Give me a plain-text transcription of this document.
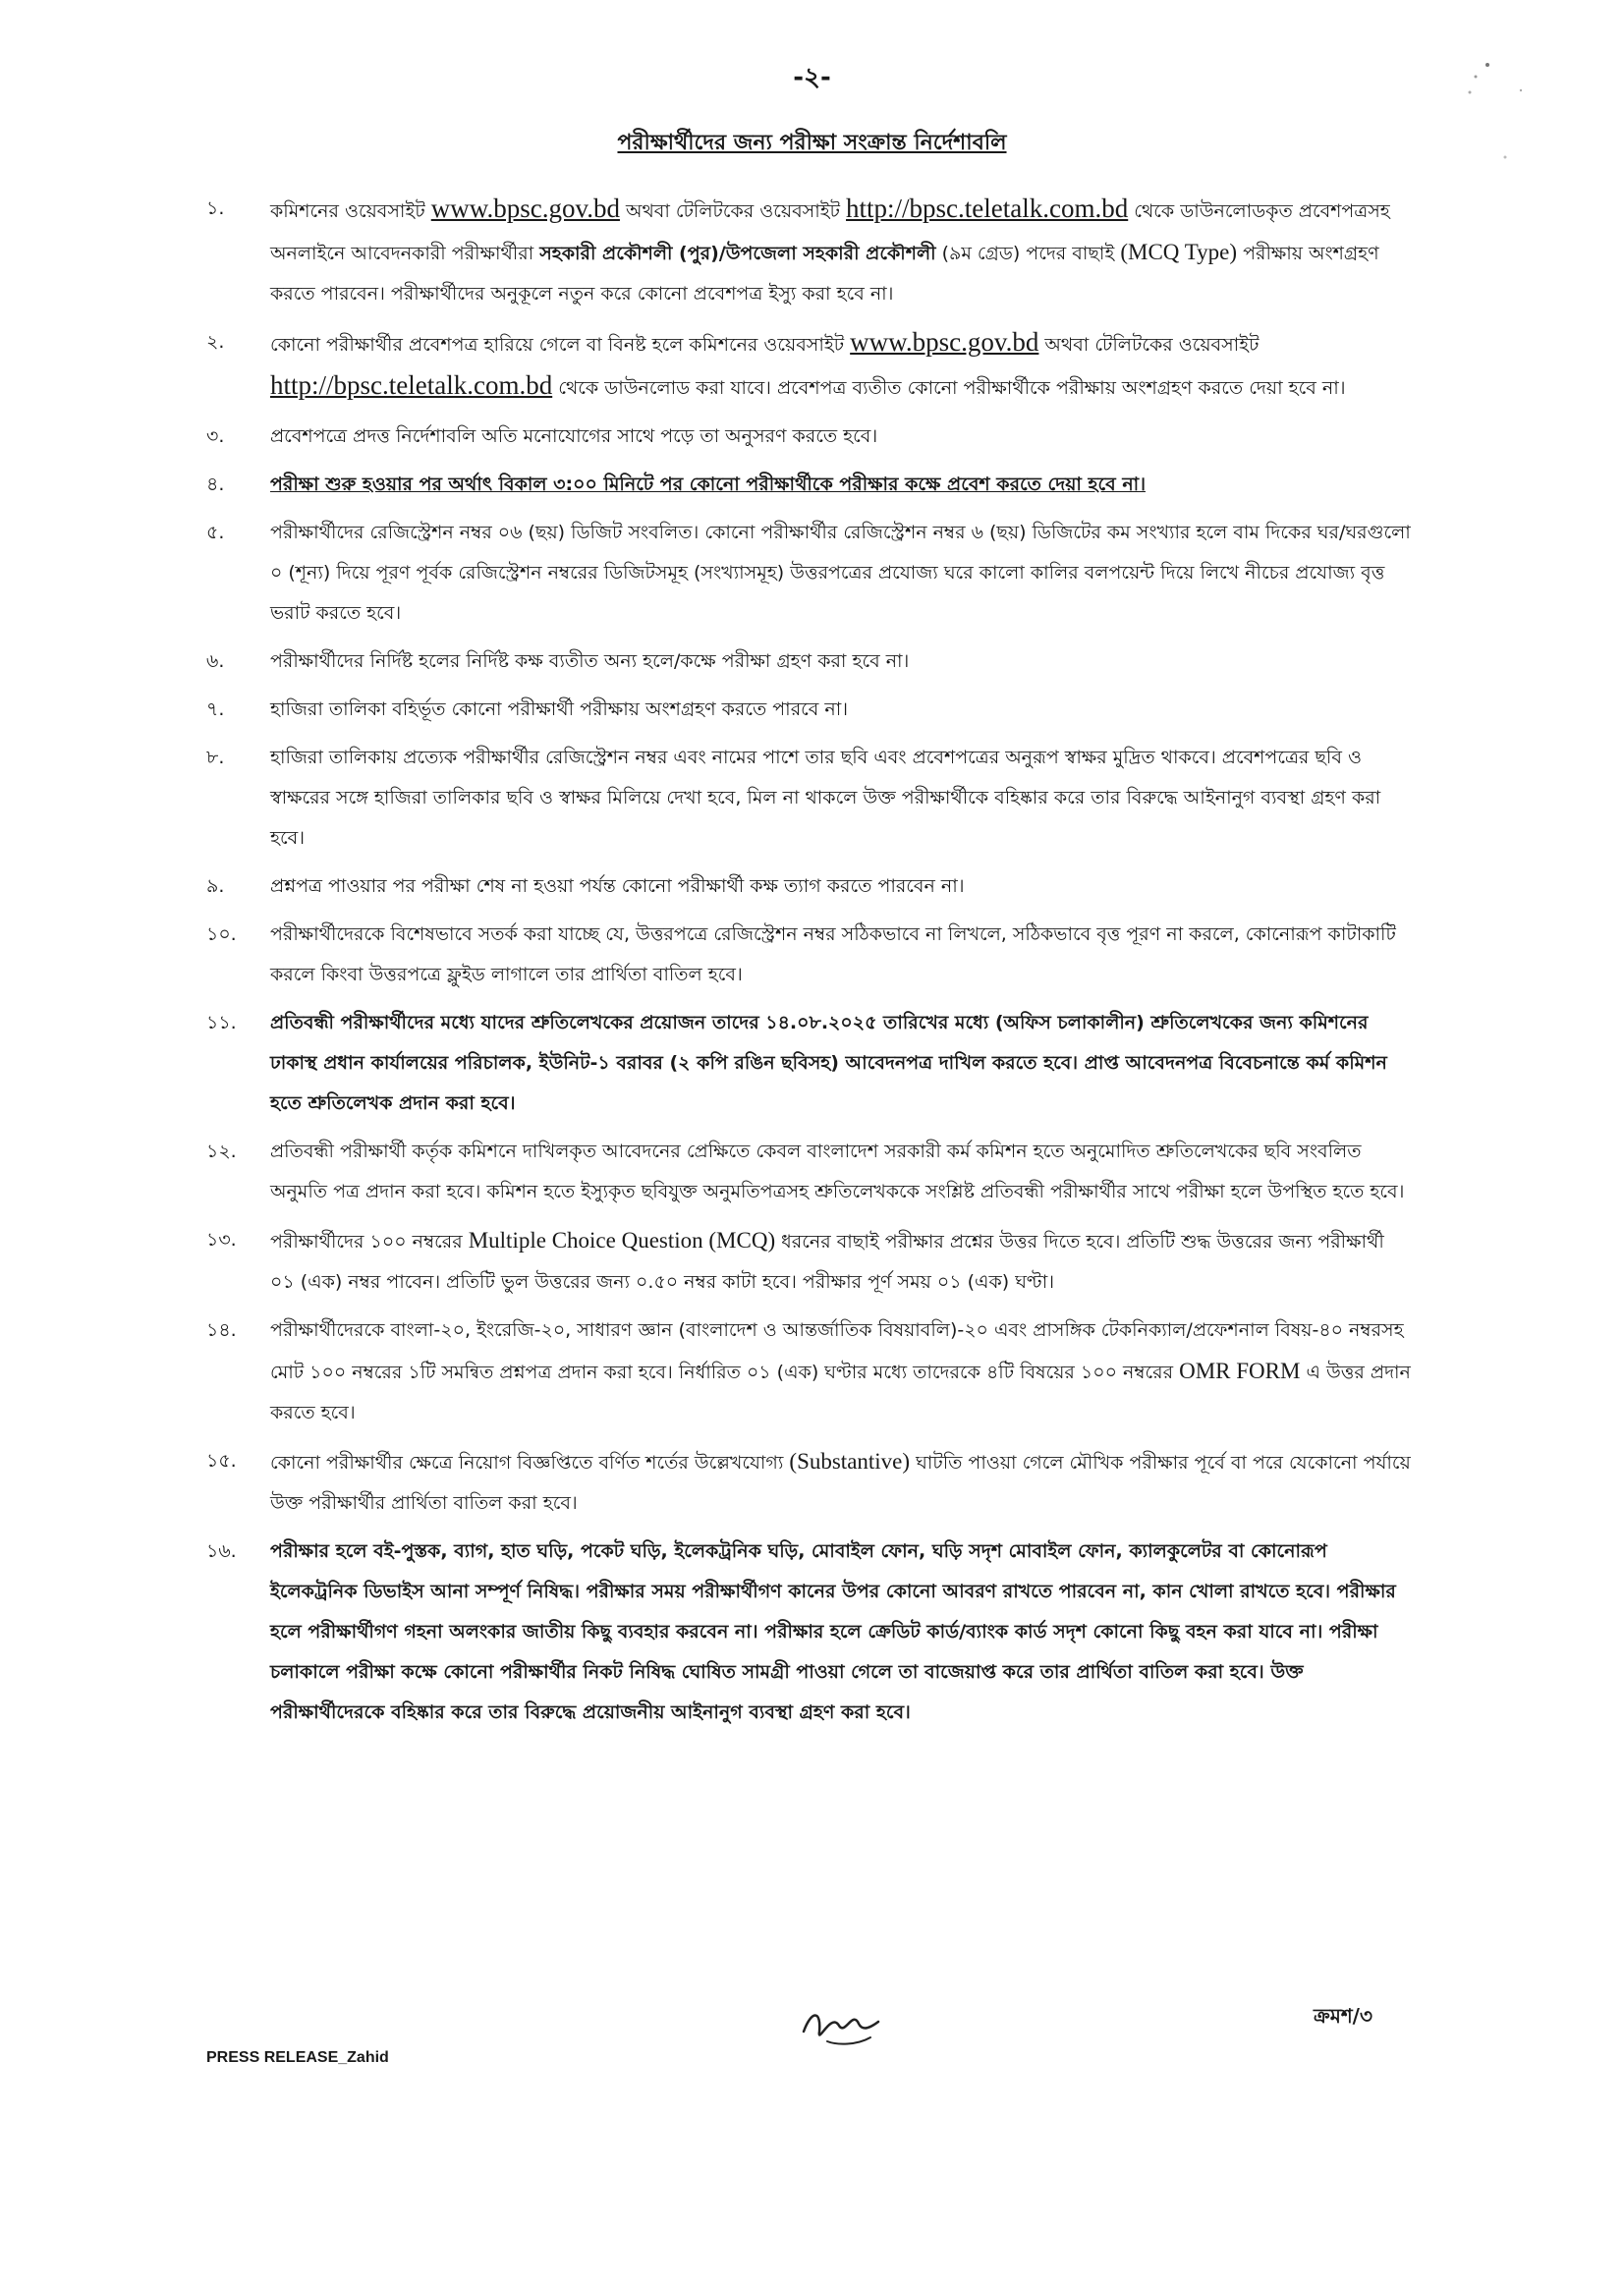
-২-
পরীক্ষার্থীদের জন্য পরীক্ষা সংক্রান্ত নির্দেশাবলি
১.	কমিশনের ওয়েবসাইট www.bpsc.gov.bd অথবা টেলিটকের ওয়েবসাইট http://bpsc.teletalk.com.bd থেকে ডাউনলোডকৃত প্রবেশপত্রসহ অনলাইনে আবেদনকারী পরীক্ষার্থীরা সহকারী প্রকৌশলী (পুর)/উপজেলা সহকারী প্রকৌশলী (৯ম গ্রেড) পদের বাছাই (MCQ Type) পরীক্ষায় অংশগ্রহণ করতে পারবেন। পরীক্ষার্থীদের অনুকূলে নতুন করে কোনো প্রবেশপত্র ইস্যু করা হবে না।
২.	কোনো পরীক্ষার্থীর প্রবেশপত্র হারিয়ে গেলে বা বিনষ্ট হলে কমিশনের ওয়েবসাইট www.bpsc.gov.bd অথবা টেলিটকের ওয়েবসাইট http://bpsc.teletalk.com.bd থেকে ডাউনলোড করা যাবে। প্রবেশপত্র ব্যতীত কোনো পরীক্ষার্থীকে পরীক্ষায় অংশগ্রহণ করতে দেয়া হবে না।
৩.	প্রবেশপত্রে প্রদত্ত নির্দেশাবলি অতি মনোযোগের সাথে পড়ে তা অনুসরণ করতে হবে।
৪.	পরীক্ষা শুরু হওয়ার পর অর্থাৎ বিকাল ৩:০০ মিনিটে পর কোনো পরীক্ষার্থীকে পরীক্ষার কক্ষে প্রবেশ করতে দেয়া হবে না।
৫.	পরীক্ষার্থীদের রেজিস্ট্রেশন নম্বর ০৬ (ছয়) ডিজিট সংবলিত। কোনো পরীক্ষার্থীর রেজিস্ট্রেশন নম্বর ৬ (ছয়) ডিজিটের কম সংখ্যার হলে বাম দিকের ঘর/ঘরগুলো ০ (শূন্য) দিয়ে পূরণ পূর্বক রেজিস্ট্রেশন নম্বরের ডিজিটসমূহ (সংখ্যাসমূহ) উত্তরপত্রের প্রযোজ্য ঘরে কালো কালির বলপয়েন্ট দিয়ে লিখে নীচের প্রযোজ্য বৃত্ত ভরাট করতে হবে।
৬.	পরীক্ষার্থীদের নির্দিষ্ট হলের নির্দিষ্ট কক্ষ ব্যতীত অন্য হলে/কক্ষে পরীক্ষা গ্রহণ করা হবে না।
৭.	হাজিরা তালিকা বহির্ভূত কোনো পরীক্ষার্থী পরীক্ষায় অংশগ্রহণ করতে পারবে না।
৮.	হাজিরা তালিকায় প্রত্যেক পরীক্ষার্থীর রেজিস্ট্রেশন নম্বর এবং নামের পাশে তার ছবি এবং প্রবেশপত্রের অনুরূপ স্বাক্ষর মুদ্রিত থাকবে। প্রবেশপত্রের ছবি ও স্বাক্ষরের সঙ্গে হাজিরা তালিকার ছবি ও স্বাক্ষর মিলিয়ে দেখা হবে, মিল না থাকলে উক্ত পরীক্ষার্থীকে বহিষ্কার করে তার বিরুদ্ধে আইনানুগ ব্যবস্থা গ্রহণ করা হবে।
৯.	প্রশ্নপত্র পাওয়ার পর পরীক্ষা শেষ না হওয়া পর্যন্ত কোনো পরীক্ষার্থী কক্ষ ত্যাগ করতে পারবেন না।
১০.	পরীক্ষার্থীদেরকে বিশেষভাবে সতর্ক করা যাচ্ছে যে, উত্তরপত্রে রেজিস্ট্রেশন নম্বর সঠিকভাবে না লিখলে, সঠিকভাবে বৃত্ত পূরণ না করলে, কোনোরূপ কাটাকাটি করলে কিংবা উত্তরপত্রে ফ্লুইড লাগালে তার প্রার্থিতা বাতিল হবে।
১১.	প্রতিবন্ধী পরীক্ষার্থীদের মধ্যে যাদের শ্রুতিলেখকের প্রয়োজন তাদের ১৪.০৮.২০২৫ তারিখের মধ্যে (অফিস চলাকালীন) শ্রুতিলেখকের জন্য কমিশনের ঢাকাস্থ প্রধান কার্যালয়ের পরিচালক, ইউনিট-১ বরাবর (২ কপি রঙিন ছবিসহ) আবেদনপত্র দাখিল করতে হবে। প্রাপ্ত আবেদনপত্র বিবেচনান্তে কর্ম কমিশন হতে শ্রুতিলেখক প্রদান করা হবে।
১২.	প্রতিবন্ধী পরীক্ষার্থী কর্তৃক কমিশনে দাখিলকৃত আবেদনের প্রেক্ষিতে কেবল বাংলাদেশ সরকারী কর্ম কমিশন হতে অনুমোদিত শ্রুতিলেখকের ছবি সংবলিত অনুমতি পত্র প্রদান করা হবে। কমিশন হতে ইস্যুকৃত ছবিযুক্ত অনুমতিপত্রসহ শ্রুতিলেখককে সংশ্লিষ্ট প্রতিবন্ধী পরীক্ষার্থীর সাথে পরীক্ষা হলে উপস্থিত হতে হবে।
১৩.	পরীক্ষার্থীদের ১০০ নম্বরের Multiple Choice Question (MCQ) ধরনের বাছাই পরীক্ষার প্রশ্নের উত্তর দিতে হবে। প্রতিটি শুদ্ধ উত্তরের জন্য পরীক্ষার্থী ০১ (এক) নম্বর পাবেন। প্রতিটি ভুল উত্তরের জন্য ০.৫০ নম্বর কাটা হবে। পরীক্ষার পূর্ণ সময় ০১ (এক) ঘণ্টা।
১৪.	পরীক্ষার্থীদেরকে বাংলা-২০, ইংরেজি-২০, সাধারণ জ্ঞান (বাংলাদেশ ও আন্তর্জাতিক বিষয়াবলি)-২০ এবং প্রাসঙ্গিক টেকনিক্যাল/প্রফেশনাল বিষয়-৪০ নম্বরসহ মোট ১০০ নম্বরের ১টি সমন্বিত প্রশ্নপত্র প্রদান করা হবে। নির্ধারিত ০১ (এক) ঘণ্টার মধ্যে তাদেরকে ৪টি বিষয়ের ১০০ নম্বরের OMR FORM এ উত্তর প্রদান করতে হবে।
১৫.	কোনো পরীক্ষার্থীর ক্ষেত্রে নিয়োগ বিজ্ঞপ্তিতে বর্ণিত শর্তের উল্লেখযোগ্য (Substantive) ঘাটতি পাওয়া গেলে মৌখিক পরীক্ষার পূর্বে বা পরে যেকোনো পর্যায়ে উক্ত পরীক্ষার্থীর প্রার্থিতা বাতিল করা হবে।
১৬.	পরীক্ষার হলে বই-পুস্তক, ব্যাগ, হাত ঘড়ি, পকেট ঘড়ি, ইলেকট্রনিক ঘড়ি, মোবাইল ফোন, ঘড়ি সদৃশ মোবাইল ফোন, ক্যালকুলেটর বা কোনোরূপ ইলেকট্রনিক ডিভাইস আনা সম্পূর্ণ নিষিদ্ধ। পরীক্ষার সময় পরীক্ষার্থীগণ কানের উপর কোনো আবরণ রাখতে পারবেন না, কান খোলা রাখতে হবে। পরীক্ষার হলে পরীক্ষার্থীগণ গহনা অলংকার জাতীয় কিছু ব্যবহার করবেন না। পরীক্ষার হলে ক্রেডিট কার্ড/ব্যাংক কার্ড সদৃশ কোনো কিছু বহন করা যাবে না। পরীক্ষা চলাকালে পরীক্ষা কক্ষে কোনো পরীক্ষার্থীর নিকট নিষিদ্ধ ঘোষিত সামগ্রী পাওয়া গেলে তা বাজেয়াপ্ত করে তার প্রার্থিতা বাতিল করা হবে। উক্ত পরীক্ষার্থীদেরকে বহিষ্কার করে তার বিরুদ্ধে প্রয়োজনীয় আইনানুগ ব্যবস্থা গ্রহণ করা হবে।
ক্রমশ/৩
PRESS RELEASE_Zahid
